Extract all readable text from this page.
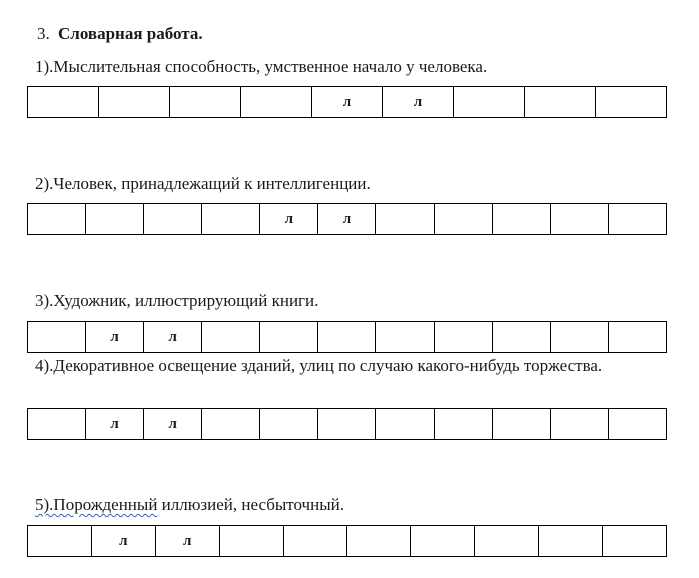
3. Словарная работа.
1).Мыслительная способность, умственное начало у человека.
				л	л			
2).Человек, принадлежащий к интеллигенции.
				л	л					
3).Художник, иллюстрирующий книги.
	л	л								
4).Декоративное освещение зданий, улиц по случаю какого-нибудь торжества.
	л	л								
5).Порожденный иллюзией, несбыточный.
	л	л							
